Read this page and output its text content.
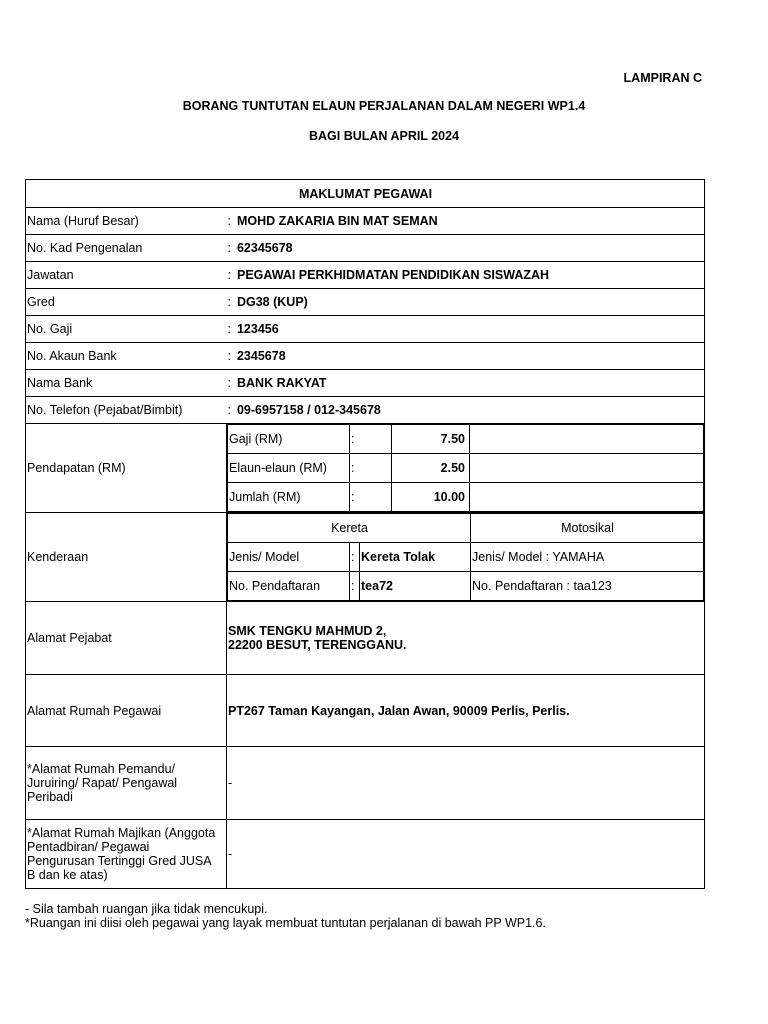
LAMPIRAN C
BORANG TUNTUTAN ELAUN PERJALANAN DALAM NEGERI WP1.4
BAGI BULAN APRIL 2024
MAKLUMAT PEGAWAI
Nama (Huruf Besar)	: MOHD ZAKARIA BIN MAT SEMAN
No. Kad Pengenalan	: 62345678
Jawatan	: PEGAWAI PERKHIDMATAN PENDIDIKAN SISWAZAH
Gred	: DG38 (KUP)
No. Gaji	: 123456
No. Akaun Bank	: 2345678
Nama Bank	: BANK RAKYAT
No. Telefon (Pejabat/Bimbit)	: 09-6957158 / 012-345678
Pendapatan (RM)	
Gaji (RM)	:	7.50	
Elaun-elaun (RM)	:	2.50	
Jumlah (RM)	:	10.00	

Kenderaan	
Kereta	Motosikal
Jenis/ Model	:	Kereta Tolak	Jenis/ Model : YAMAHA
No. Pendaftaran	:	tea72	No. Pendaftaran : taa123

Alamat Pejabat	SMK TENGKU MAHMUD 2,
22200 BESUT, TERENGGANU.

Alamat Rumah Pegawai	PT267 Taman Kayangan, Jalan Awan, 90009 Perlis, Perlis.

*Alamat Rumah Pemandu/
Juruiring/ Rapat/ Pengawal
Peribadi
	-

*Alamat Rumah Majikan (Anggota
Pentadbiran/ Pegawai
Pengurusan Tertinggi Gred JUSA
B dan ke atas)
	-
- Sila tambah ruangan jika tidak mencukupi.
*Ruangan ini diisi oleh pegawai yang layak membuat tuntutan perjalanan di bawah PP WP1.6.
